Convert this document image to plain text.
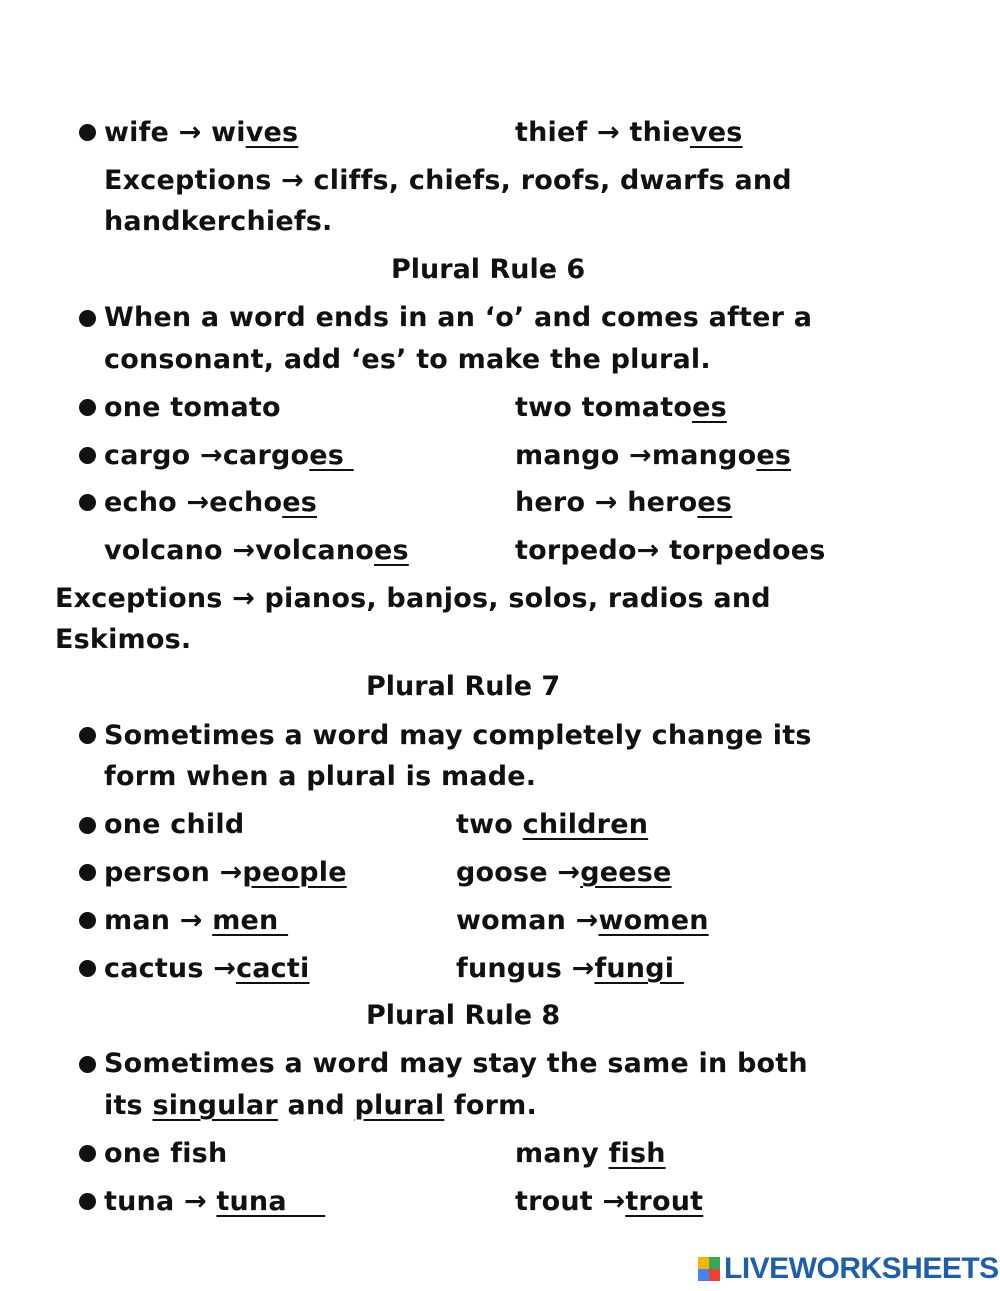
wife → wives	thief → thieves
Exceptions → cliffs, chiefs, roofs, dwarfs and
handkerchiefs.
Plural Rule 6
When a word ends in an ‘o’ and comes after a
consonant, add ‘es’ to make the plural.
one tomato	two tomatoes
cargo →cargoes	mango →mangoes
echo →echoes	hero → heroes
volcano →volcanoes	torpedo→ torpedoes
Exceptions → pianos, banjos, solos, radios and
Eskimos.
Plural Rule 7
Sometimes a word may completely change its
form when a plural is made.
one child	two children
person →people	goose →geese
man → men	woman →women
cactus →cacti	fungus →fungi
Plural Rule 8
Sometimes a word may stay the same in both
its singular and plural form.
one fish	many fish
tuna → tuna	trout →trout
LIVEWORKSHEETS
